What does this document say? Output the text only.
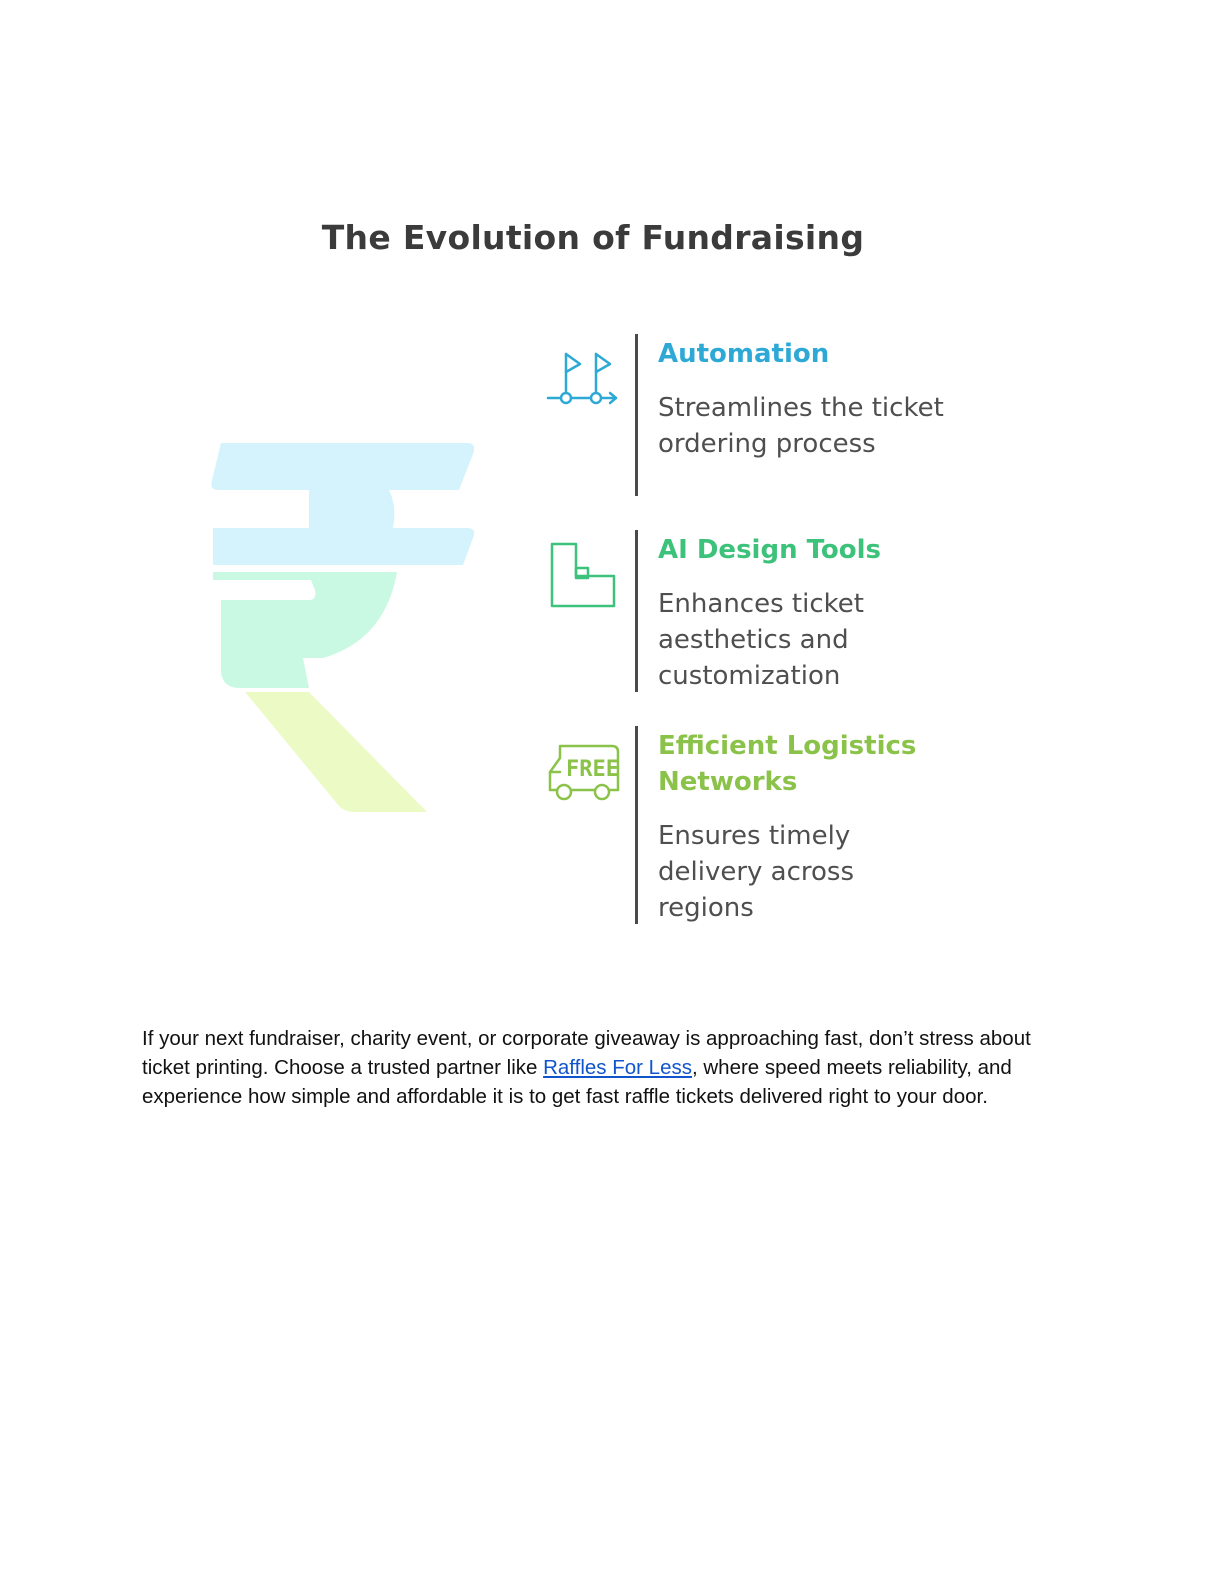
The Evolution of Fundraising
Automation
Streamlines the ticket ordering process
AI Design Tools
Enhances ticket aesthetics and customization
FREE
Efficient Logistics Networks
Ensures timely delivery across regions

If your next fundraiser, charity event, or corporate giveaway is approaching fast, don’t stress about ticket printing. Choose a trusted partner like Raffles For Less, where speed meets reliability, and experience how simple and affordable it is to get fast raffle tickets delivered right to your door.
